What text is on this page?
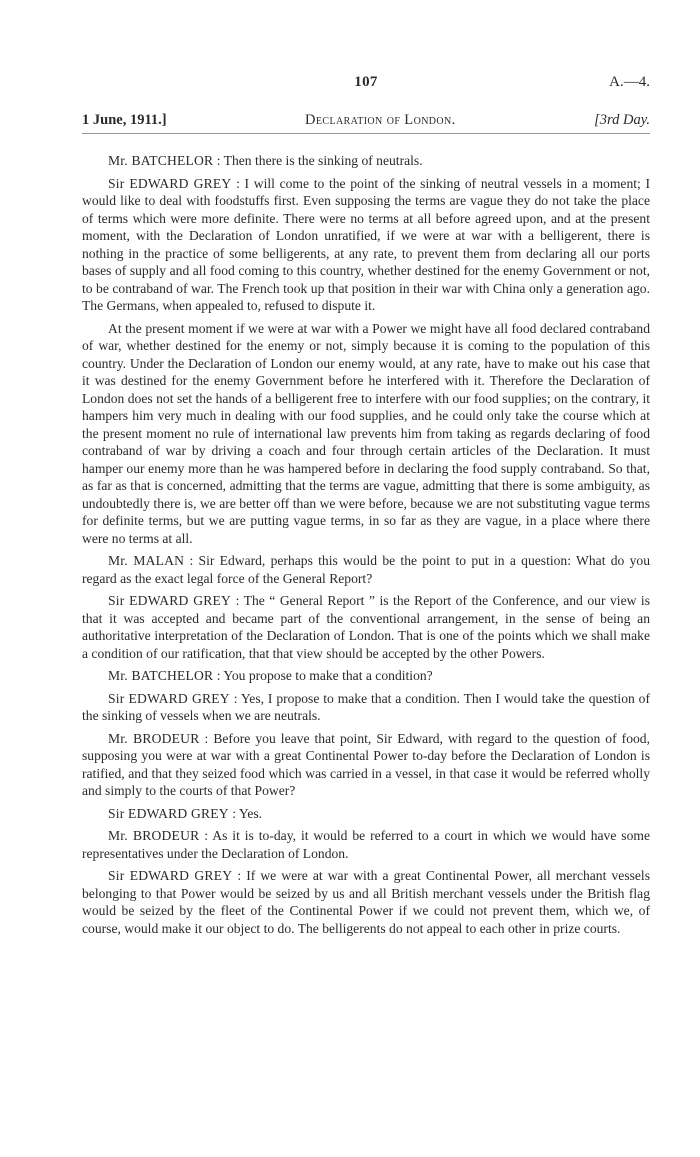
107	A.—4.
1 June, 1911.]	Declaration of London.	[3rd Day.

Mr. BATCHELOR : Then there is the sinking of neutrals.

Sir EDWARD GREY : I will come to the point of the sinking of neutral vessels in a moment; I would like to deal with foodstuffs first. Even supposing the terms are vague they do not take the place of terms which were more definite. There were no terms at all before agreed upon, and at the present moment, with the Declaration of London unratified, if we were at war with a belligerent, there is nothing in the practice of some belligerents, at any rate, to prevent them from declaring all our ports bases of supply and all food coming to this country, whether destined for the enemy Government or not, to be contraband of war. The French took up that position in their war with China only a generation ago. The Germans, when appealed to, refused to dispute it.

At the present moment if we were at war with a Power we might have all food declared contraband of war, whether destined for the enemy or not, simply because it is coming to the population of this country. Under the Declaration of London our enemy would, at any rate, have to make out his case that it was destined for the enemy Government before he interfered with it. Therefore the Declaration of London does not set the hands of a belligerent free to interfere with our food supplies; on the contrary, it hampers him very much in dealing with our food supplies, and he could only take the course which at the present moment no rule of international law prevents him from taking as regards declaring of food contraband of war by driving a coach and four through certain articles of the Declaration. It must hamper our enemy more than he was hampered before in declaring the food supply contraband. So that, as far as that is concerned, admitting that the terms are vague, admitting that there is some ambiguity, as undoubtedly there is, we are better off than we were before, because we are not substituting vague terms for definite terms, but we are putting vague terms, in so far as they are vague, in a place where there were no terms at all.

Mr. MALAN : Sir Edward, perhaps this would be the point to put in a question: What do you regard as the exact legal force of the General Report?

Sir EDWARD GREY : The “ General Report ” is the Report of the Conference, and our view is that it was accepted and became part of the conventional arrangement, in the sense of being an authoritative interpretation of the Declaration of London. That is one of the points which we shall make a condition of our ratification, that that view should be accepted by the other Powers.

Mr. BATCHELOR : You propose to make that a condition?

Sir EDWARD GREY : Yes, I propose to make that a condition. Then I would take the question of the sinking of vessels when we are neutrals.

Mr. BRODEUR : Before you leave that point, Sir Edward, with regard to the question of food, supposing you were at war with a great Continental Power to-day before the Declaration of London is ratified, and that they seized food which was carried in a vessel, in that case it would be referred wholly and simply to the courts of that Power?

Sir EDWARD GREY : Yes.

Mr. BRODEUR : As it is to-day, it would be referred to a court in which we would have some representatives under the Declaration of London.

Sir EDWARD GREY : If we were at war with a great Continental Power, all merchant vessels belonging to that Power would be seized by us and all British merchant vessels under the British flag would be seized by the fleet of the Continental Power if we could not prevent them, which we, of course, would make it our object to do. The belligerents do not appeal to each other in prize courts.
